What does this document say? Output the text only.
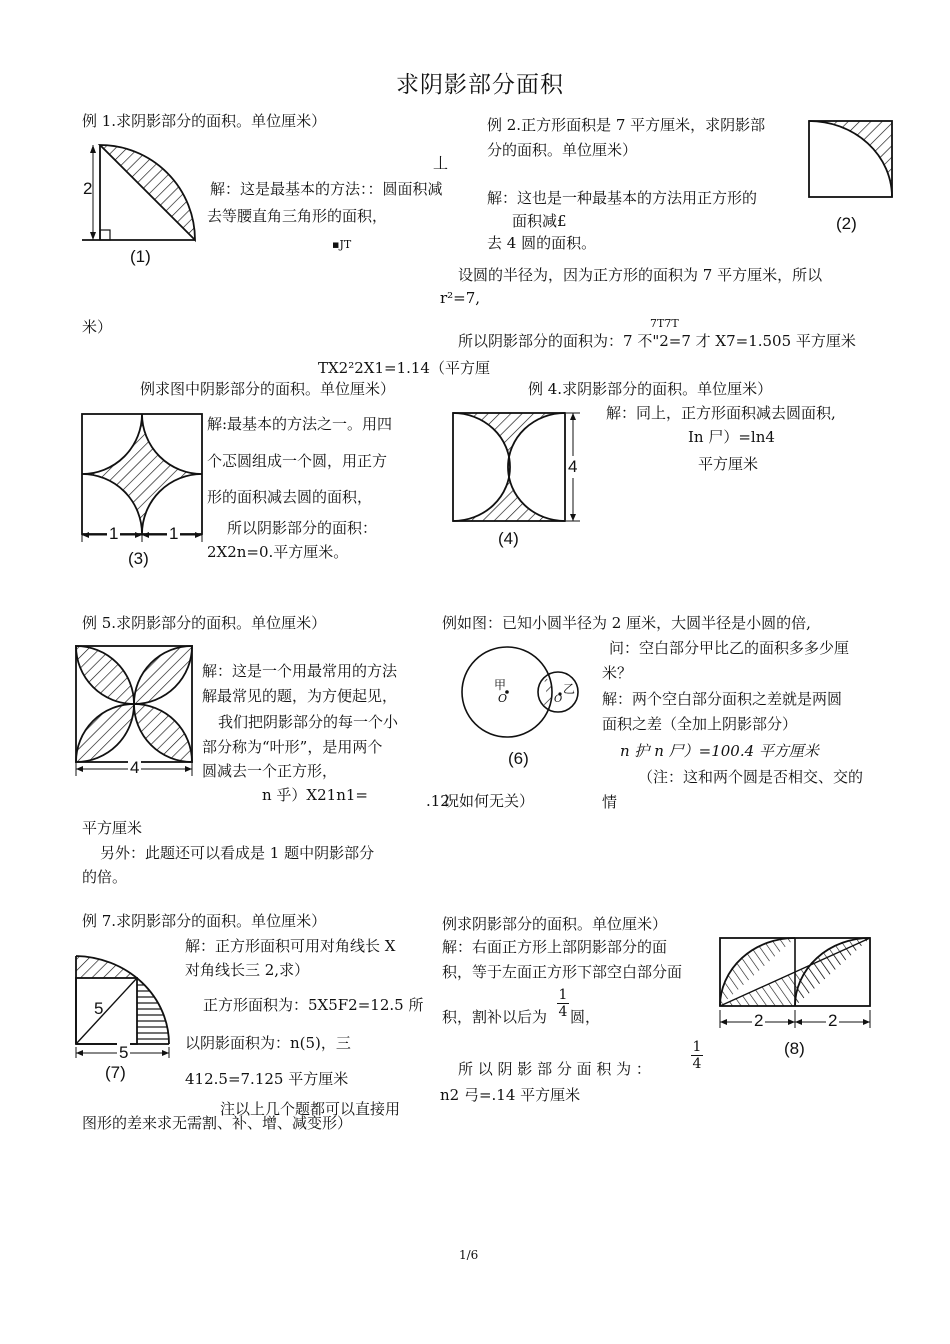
求阴影部分面积
例 1.求阴影部分的面积。单位厘米）
2
(1)
解：这是最基本的方法：：圆面积减
去等腰直角三角形的面积，
▪JT
丄
米）
TX2²2X1=1.14（平方厘
例 2.正方形面积是 7 平方厘米，求阴影部
分的面积。单位厘米）
(2)
解：这也是一种最基本的方法用正方形的
面积减£
去 4 圆的面积。
设圆的半径为，因为正方形的面积为 7 平方厘米，所以
r²=7,
7T7T
所以阴影部分的面积为：7 不"2=7 才 X7=1.505 平方厘米
例求图中阴影部分的面积。单位厘米）
1	1
(3)
解:最基本的方法之一。用四
个忑圆组成一个圆，用正方
形的面积减去圆的面积，
所以阴影部分的面积：
2X2n=0.平方厘米。
例 4.求阴影部分的面积。单位厘米）
4
(4)
解：同上，正方形面积减去圆面积,
In 尸）=ln4
平方厘米
例 5.求阴影部分的面积。单位厘米）
4
解：这是一个用最常用的方法
解最常见的题，为方便起见，
我们把阴影部分的每一个小
部分称为“叶形”，是用两个
圆减去一个正方形，
n 乎）X21n1=	.12
平方厘米
另外：此题还可以看成是 1 题中阴影部分
的倍。
例如图：已知小圆半径为 2 厘米，大圆半径是小圆的倍,
甲
O
乙
O
(6)
问：空白部分甲比乙的面积多多少厘
米？
解：两个空白部分面积之差就是两圆
面积之差（全加上阴影部分）
n 护 n 尸）=100.4 平方厘米
（注：这和两个圆是否相交、交的
情
况如何无关）
例 7.求阴影部分的面积。单位厘米）
5
5
(7)
解：正方形面积可用对角线长 X
对角线长三 2,求）
正方形面积为：5X5F2=12.5 所
以阴影面积为：n(5)，三
412.5=7.125 平方厘米
注以上几个题都可以直接用
图形的差来求无需割、补、增、减变形）
例求阴影部分的面积。单位厘米）
解：右面正方形上部阴影部分的面
积，等于左面正方形下部空白部分面
积，割补以后为
1
4 圆，
所 以 阴 影 部 分 面 积 为 ：
1
4
n2 弓=.14 平方厘米
2	2
(8)
1/6
